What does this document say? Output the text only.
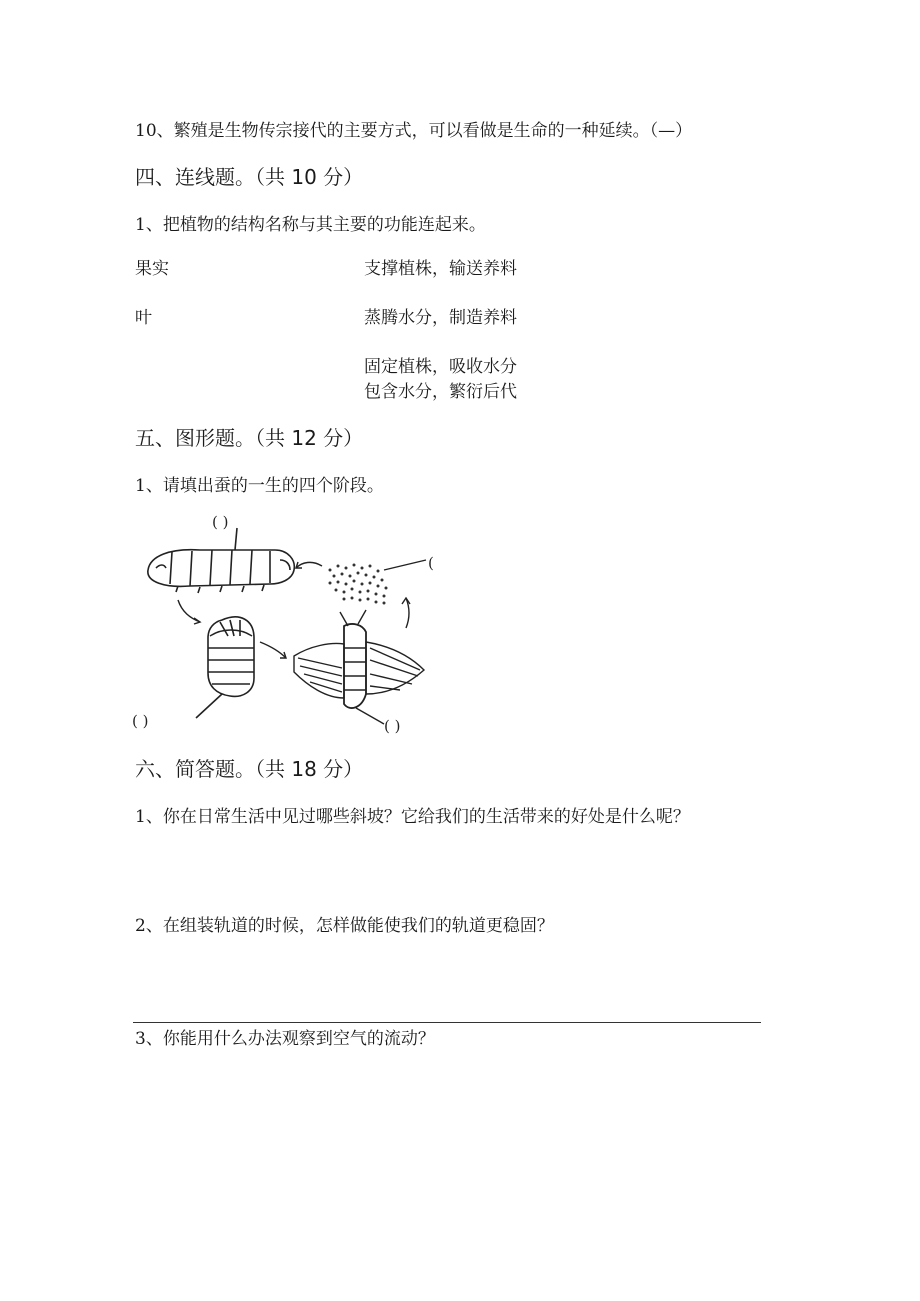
10、繁殖是生物传宗接代的主要方式，可以看做是生命的一种延续。（—）
四、连线题。（共 10 分）
1、把植物的结构名称与其主要的功能连起来。
果实
叶
支撑植株，输送养料
蒸腾水分，制造养料
固定植株，吸收水分
包含水分，繁衍后代
五、图形题。（共 12 分）
1、请填出蚕的一生的四个阶段。
( )
(
( )	( )
六、简答题。（共 18 分）
1、你在日常生活中见过哪些斜坡？它给我们的生活带来的好处是什么呢？
2、在组装轨道的时候，怎样做能使我们的轨道更稳固？
3、你能用什么办法观察到空气的流动？
